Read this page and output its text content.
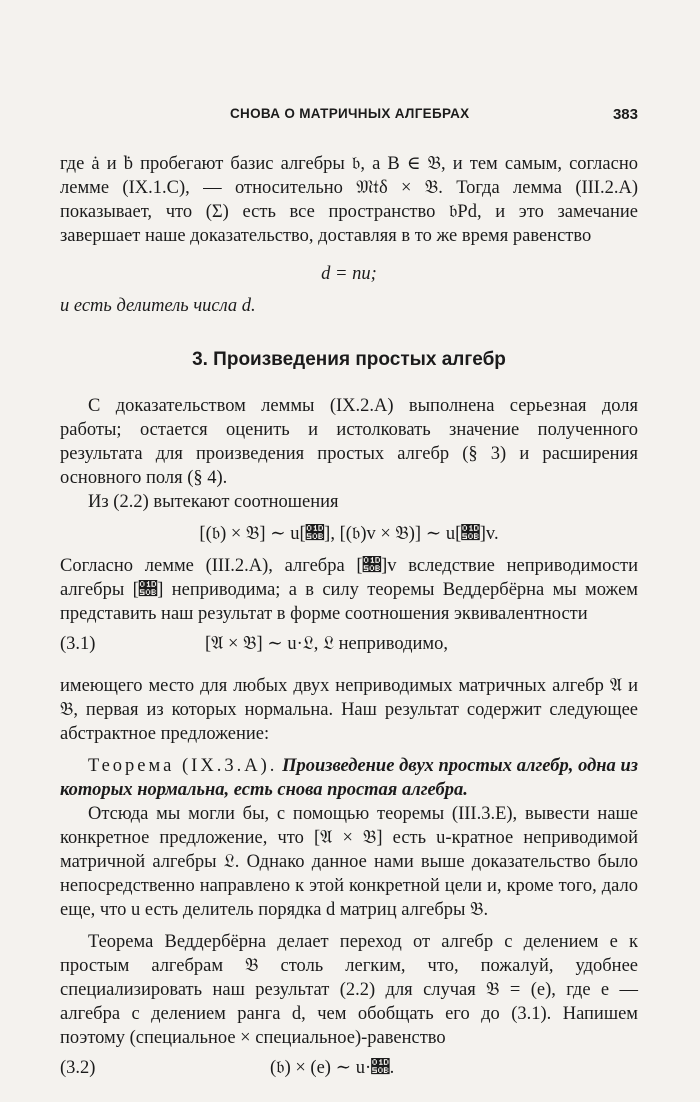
СНОВА О МАТРИЧНЫХ АЛГЕБРАХ	383

где ȧ и ḃ пробегают базис алгебры 𝔟, a B ∈ 𝔅, и тем самым, согласно лемме (IX.1.C), — относительно 𝔐𝔱δ × 𝔅. Тогда лемма (III.2.A) показывает, что (Σ) есть все пространство 𝔟Pd, и это замечание завершает наше доказательство, доставляя в то же время равенство

d = nu;

и есть делитель числа d.

3. Произведения простых алгебр

С доказательством леммы (IX.2.A) выполнена серьезная доля работы; остается оценить и истолковать значение полученного результата для произведения простых алгебр (§ 3) и расширения основного поля (§ 4).

Из (2.2) вытекают соотношения

[(𝔟) × 𝔅] ∼ u[𝔋], [(𝔟)v × 𝔅)] ∼ u[𝔋]v.

Согласно лемме (III.2.A), алгебра [𝔋]v вследствие неприводимости алгебры [𝔋] неприводима; а в силу теоремы Веддербёрна мы можем представить наш результат в форме соотношения эквивалентности

(3.1)	[𝔄 × 𝔅] ∼ u·𝔏, 𝔏 неприводимо,

имеющего место для любых двух неприводимых матричных алгебр 𝔄 и 𝔅, первая из которых нормальна. Наш результат содержит следующее абстрактное предложение:

Теорема (IX.3.A). Произведение двух простых алгебр, одна из которых нормальна, есть снова простая алгебра.

Отсюда мы могли бы, с помощью теоремы (III.3.E), вывести наше конкретное предложение, что [𝔄 × 𝔅] есть u-кратное неприводимой матричной алгебры 𝔏. Однако данное нами выше доказательство было непосредственно направлено к этой конкретной цели и, кроме того, дало еще, что u есть делитель порядка d матриц алгебры 𝔅.

Теорема Веддербёрна делает переход от алгебр с делением e к простым алгебрам 𝔅 столь легким, что, пожалуй, удобнее специализировать наш результат (2.2) для случая 𝔅 = (e), где e — алгебра с делением ранга d, чем обобщать его до (3.1). Напишем поэтому (специальное × специальное)-равенство

(3.2)	(𝔟) × (e) ∼ u·𝔋.
